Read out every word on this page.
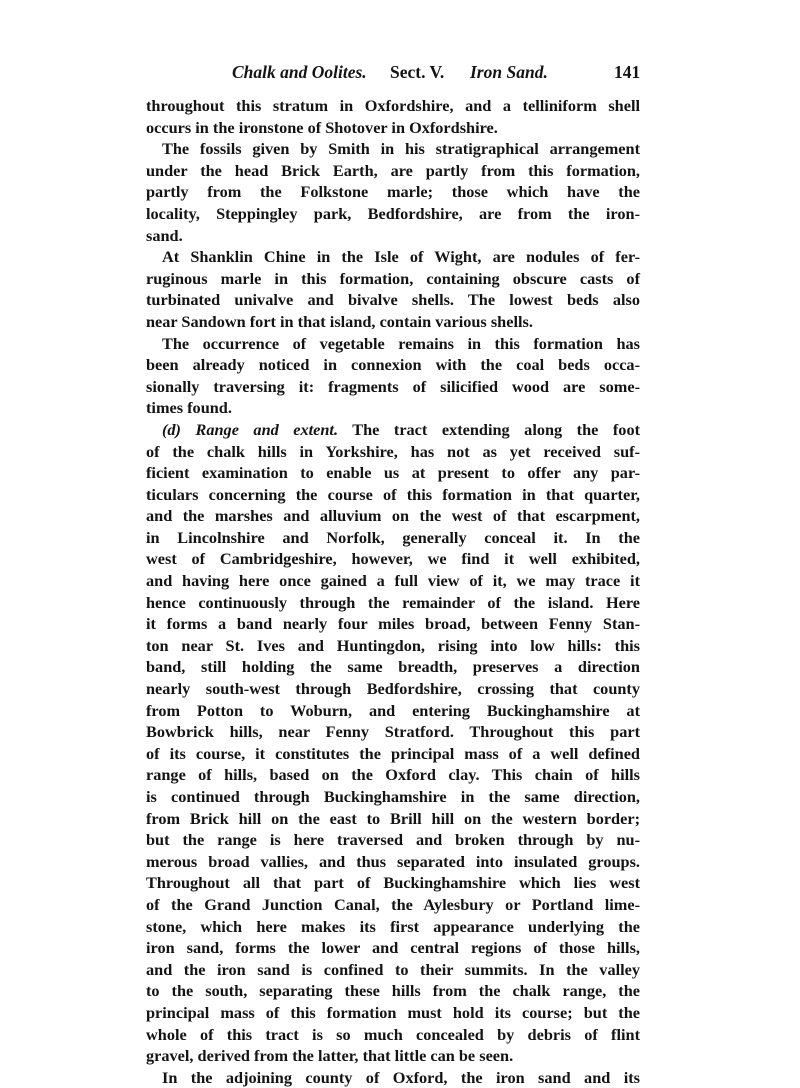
Chalk and Oolites. Sect. V. Iron Sand.	141
throughout this stratum in Oxfordshire, and a telliniform shell
occurs in the ironstone of Shotover in Oxfordshire.
The fossils given by Smith in his stratigraphical arrangement
under the head Brick Earth, are partly from this formation,
partly from the Folkstone marle; those which have the
locality, Steppingley park, Bedfordshire, are from the iron-
sand.
At Shanklin Chine in the Isle of Wight, are nodules of fer-
ruginous marle in this formation, containing obscure casts of
turbinated univalve and bivalve shells. The lowest beds also
near Sandown fort in that island, contain various shells.
The occurrence of vegetable remains in this formation has
been already noticed in connexion with the coal beds occa-
sionally traversing it: fragments of silicified wood are some-
times found.
(d) Range and extent. The tract extending along the foot
of the chalk hills in Yorkshire, has not as yet received suf-
ficient examination to enable us at present to offer any par-
ticulars concerning the course of this formation in that quarter,
and the marshes and alluvium on the west of that escarpment,
in Lincolnshire and Norfolk, generally conceal it. In the
west of Cambridgeshire, however, we find it well exhibited,
and having here once gained a full view of it, we may trace it
hence continuously through the remainder of the island. Here
it forms a band nearly four miles broad, between Fenny Stan-
ton near St. Ives and Huntingdon, rising into low hills: this
band, still holding the same breadth, preserves a direction
nearly south-west through Bedfordshire, crossing that county
from Potton to Woburn, and entering Buckinghamshire at
Bowbrick hills, near Fenny Stratford. Throughout this part
of its course, it constitutes the principal mass of a well defined
range of hills, based on the Oxford clay. This chain of hills
is continued through Buckinghamshire in the same direction,
from Brick hill on the east to Brill hill on the western border;
but the range is here traversed and broken through by nu-
merous broad vallies, and thus separated into insulated groups.
Throughout all that part of Buckinghamshire which lies west
of the Grand Junction Canal, the Aylesbury or Portland lime-
stone, which here makes its first appearance underlying the
iron sand, forms the lower and central regions of those hills,
and the iron sand is confined to their summits. In the valley
to the south, separating these hills from the chalk range, the
principal mass of this formation must hold its course; but the
whole of this tract is so much concealed by debris of flint
gravel, derived from the latter, that little can be seen.
In the adjoining county of Oxford, the iron sand and its
